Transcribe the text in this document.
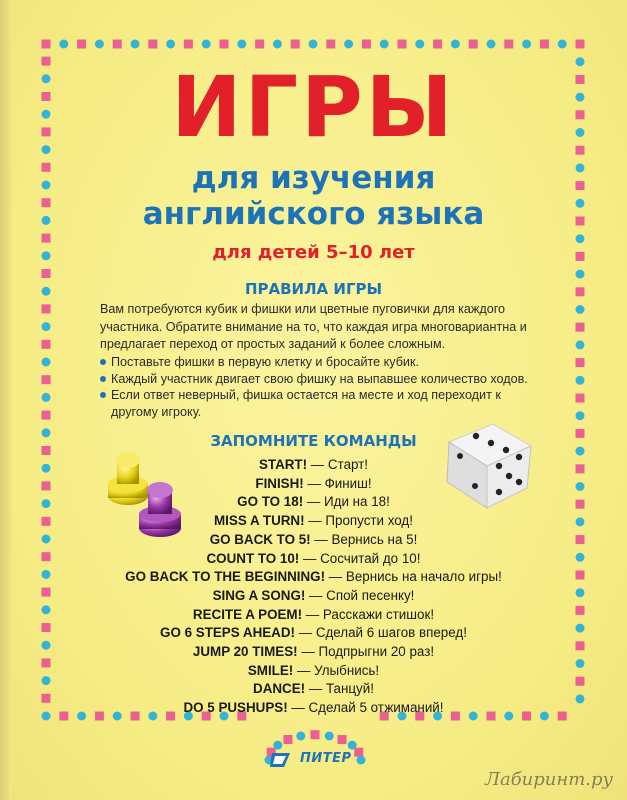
ИГРЫ
для изучения
английского языка
для детей 5–10 лет
ПРАВИЛА ИГРЫ
Вам потребуются кубик и фишки или цветные пуговички для каждого участника. Обратите внимание на то, что каждая игра многовариантна и предлагает переход от простых заданий к более сложным.
Поставьте фишки в первую клетку и бросайте кубик.
Каждый участник двигает свою фишку на выпавшее количество ходов.
Если ответ неверный, фишка остается на месте и ход переходит к другому игроку.
ЗАПОМНИТЕ КОМАНДЫ
START! — Старт!
FINISH! — Финиш!
GO TO 18! — Иди на 18!
MISS A TURN! — Пропусти ход!
GO BACK TO 5! — Вернись на 5!
COUNT TO 10! — Сосчитай до 10!
GO BACK TO THE BEGINNING! — Вернись на начало игры!
SING A SONG! — Спой песенку!
RECITE A POEM! — Расскажи стишок!
GO 6 STEPS AHEAD! — Сделай 6 шагов вперед!
JUMP 20 TIMES! — Подпрыгни 20 раз!
SMILE! — Улыбнись!
DANCE! — Танцуй!
DO 5 PUSHUPS! — Сделай 5 отжиманий!
ПИТЕР
Лабиринт.ру
